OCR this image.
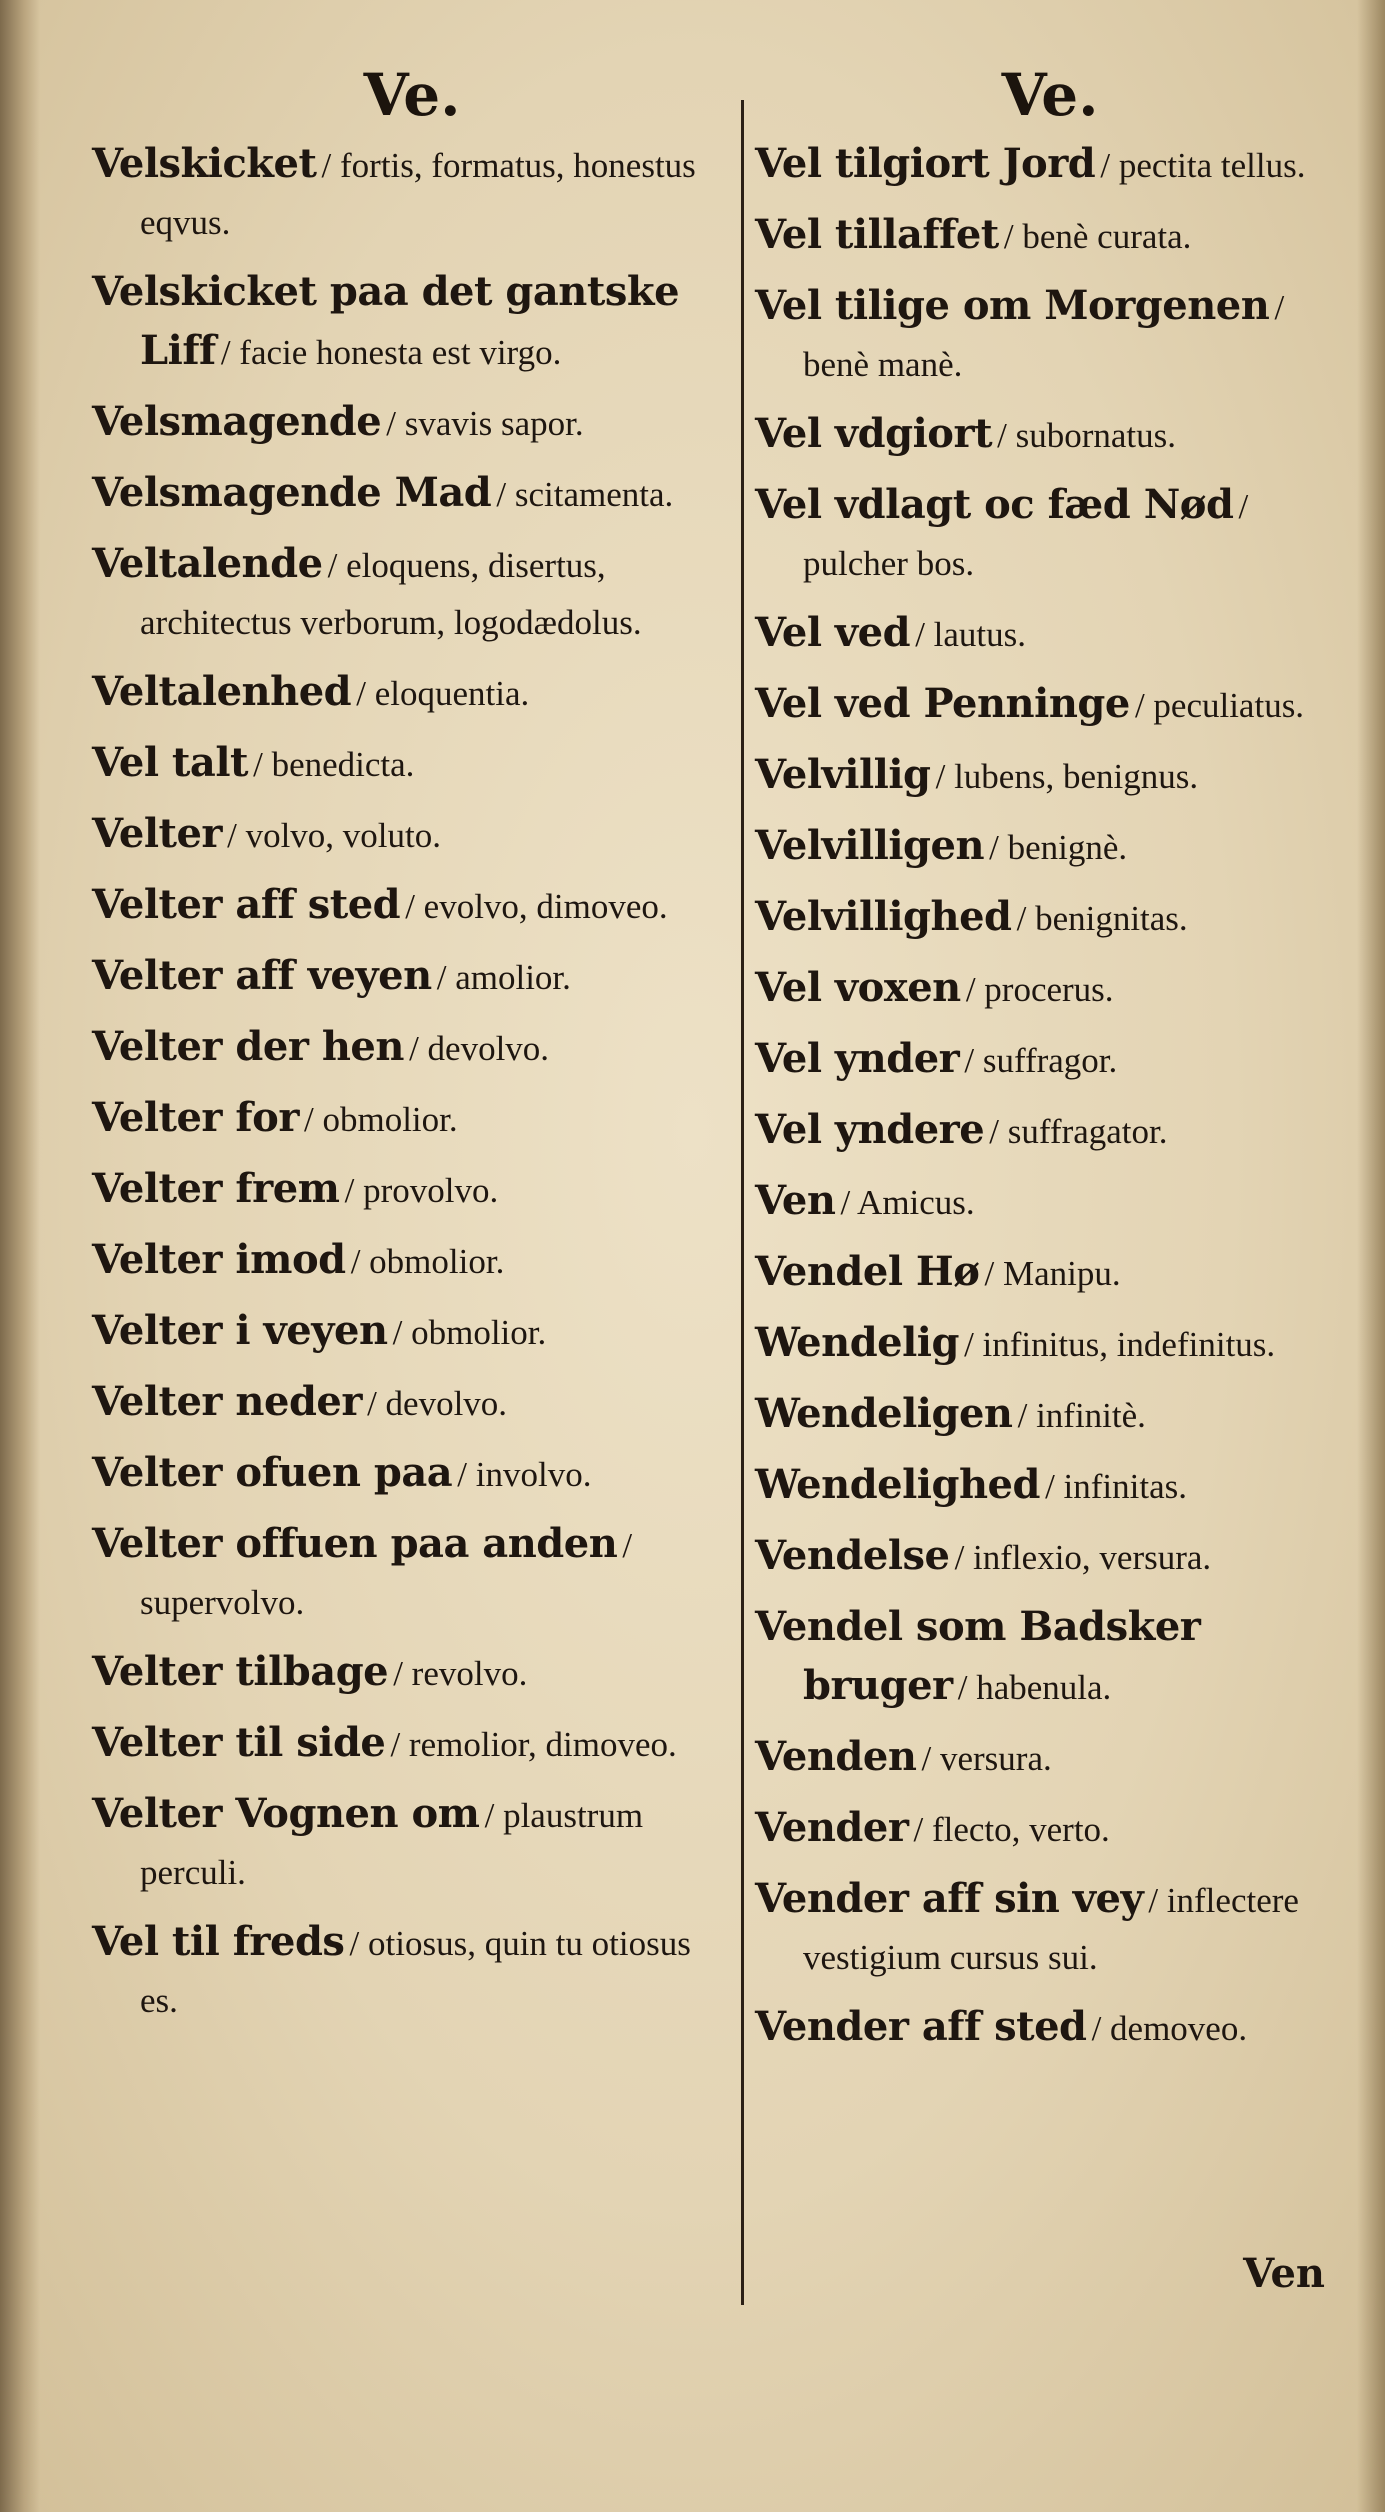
Ve.
Velskicket / fortis, formatus, honestus eqvus.
Velskicket paa det gantske Liff / facie honesta est virgo.
Velsmagende / svavis sapor.
Velsmagende Mad / scitamenta.
Veltalende / eloquens, disertus, architectus verborum, logodædolus.
Veltalenhed / eloquentia.
Vel talt / benedicta.
Velter / volvo, voluto.
Velter aff sted / evolvo, dimoveo.
Velter aff veyen / amolior.
Velter der hen / devolvo.
Velter for / obmolior.
Velter frem / provolvo.
Velter imod / obmolior.
Velter i veyen / obmolior.
Velter neder / devolvo.
Velter ofuen paa / involvo.
Velter offuen paa anden / supervolvo.
Velter tilbage / revolvo.
Velter til side / remolior, dimoveo.
Velter Vognen om / plaustrum perculi.
Vel til freds / otiosus, quin tu otiosus es.
Ve.
Vel tilgiort Jord / pectita tellus.
Vel tillaffet / benè curata.
Vel tilige om Morgenen / benè manè.
Vel vdgiort / subornatus.
Vel vdlagt oc fæd Nød / pulcher bos.
Vel ved / lautus.
Vel ved Penninge / peculiatus.
Velvillig / lubens, benignus.
Velvilligen / benignè.
Velvillighed / benignitas.
Vel voxen / procerus.
Vel ynder / suffragor.
Vel yndere / suffragator.
Ven / Amicus.
Vendel Hø / Manipu.
Wendelig / infinitus, indefinitus.
Wendeligen / infinitè.
Wendelighed / infinitas.
Vendelse / inflexio, versura.
Vendel som Badsker bruger / habenula.
Venden / versura.
Vender / flecto, verto.
Vender aff sin vey / inflectere vestigium cursus sui.
Vender aff sted / demoveo.
Ven
